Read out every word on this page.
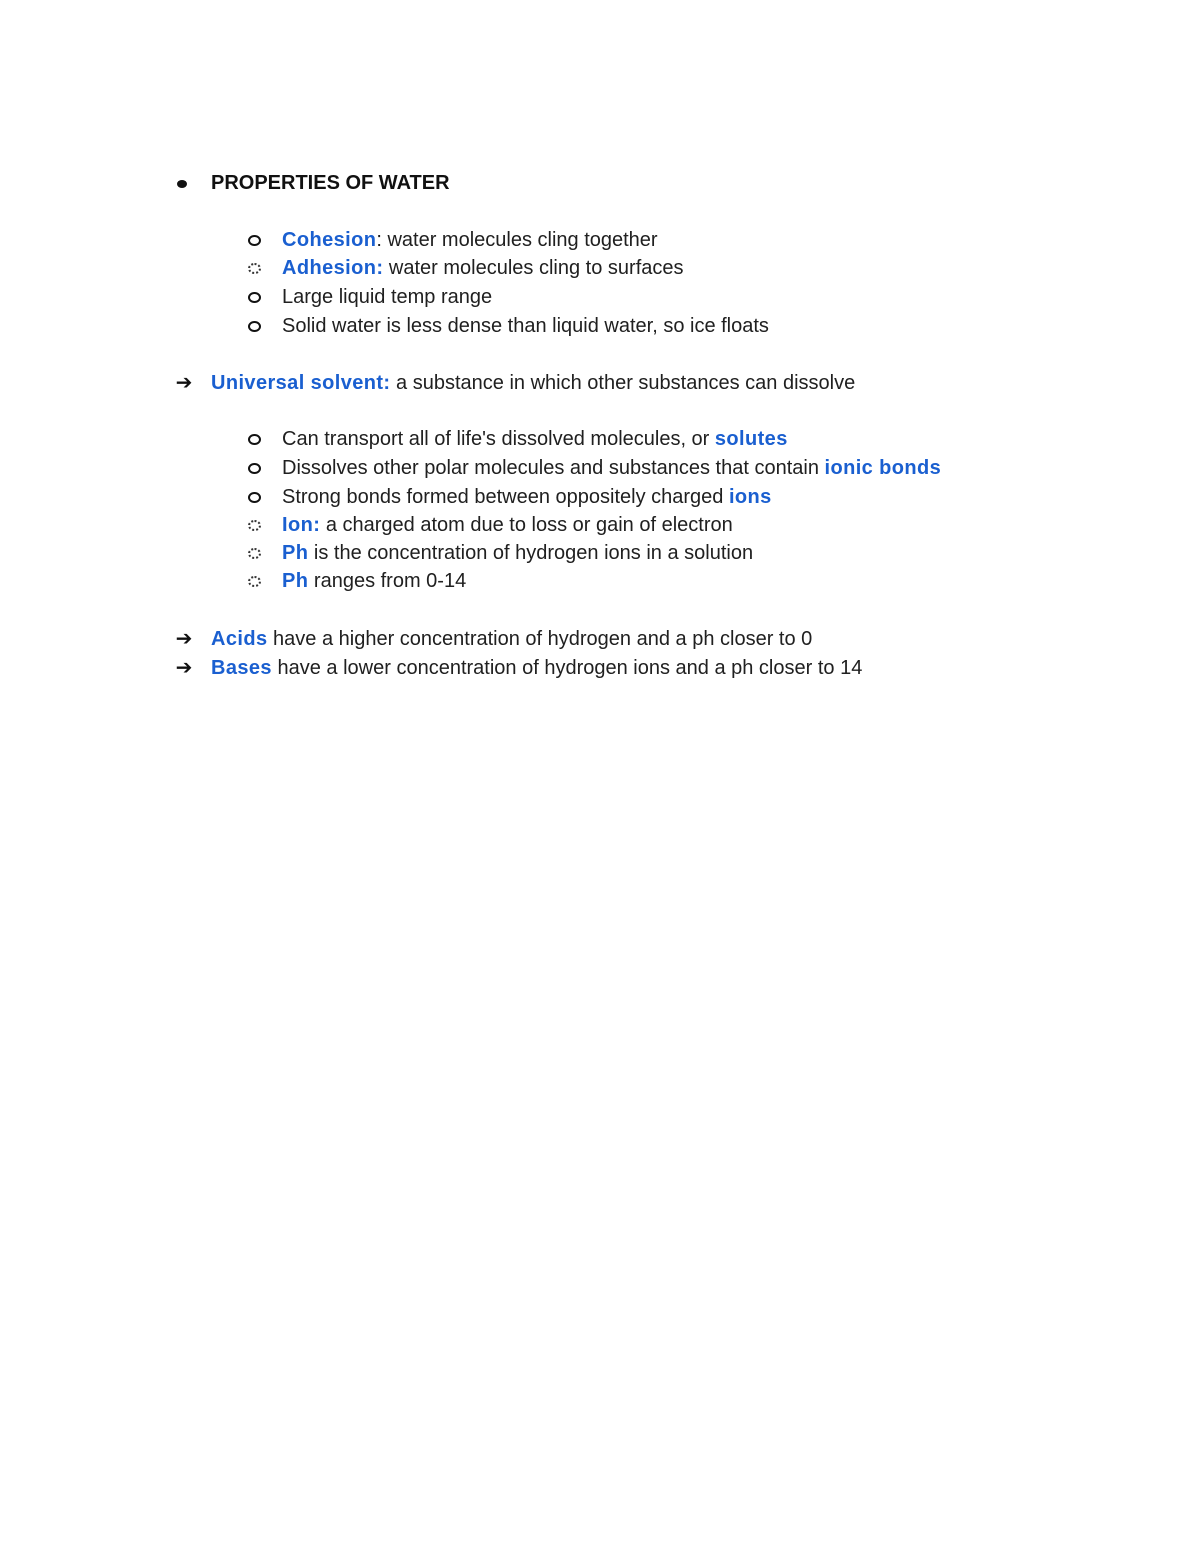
PROPERTIES OF WATER
Cohesion: water molecules cling together
Adhesion: water molecules cling to surfaces
Large liquid temp range
Solid water is less dense than liquid water, so ice floats
➔ Universal solvent: a substance in which other substances can dissolve
Can transport all of life's dissolved molecules, or solutes
Dissolves other polar molecules and substances that contain ionic bonds
Strong bonds formed between oppositely charged ions
Ion: a charged atom due to loss or gain of electron
Ph is the concentration of hydrogen ions in a solution
Ph ranges from 0-14
➔ Acids have a higher concentration of hydrogen and a ph closer to 0
➔ Bases have a lower concentration of hydrogen ions and a ph closer to 14
